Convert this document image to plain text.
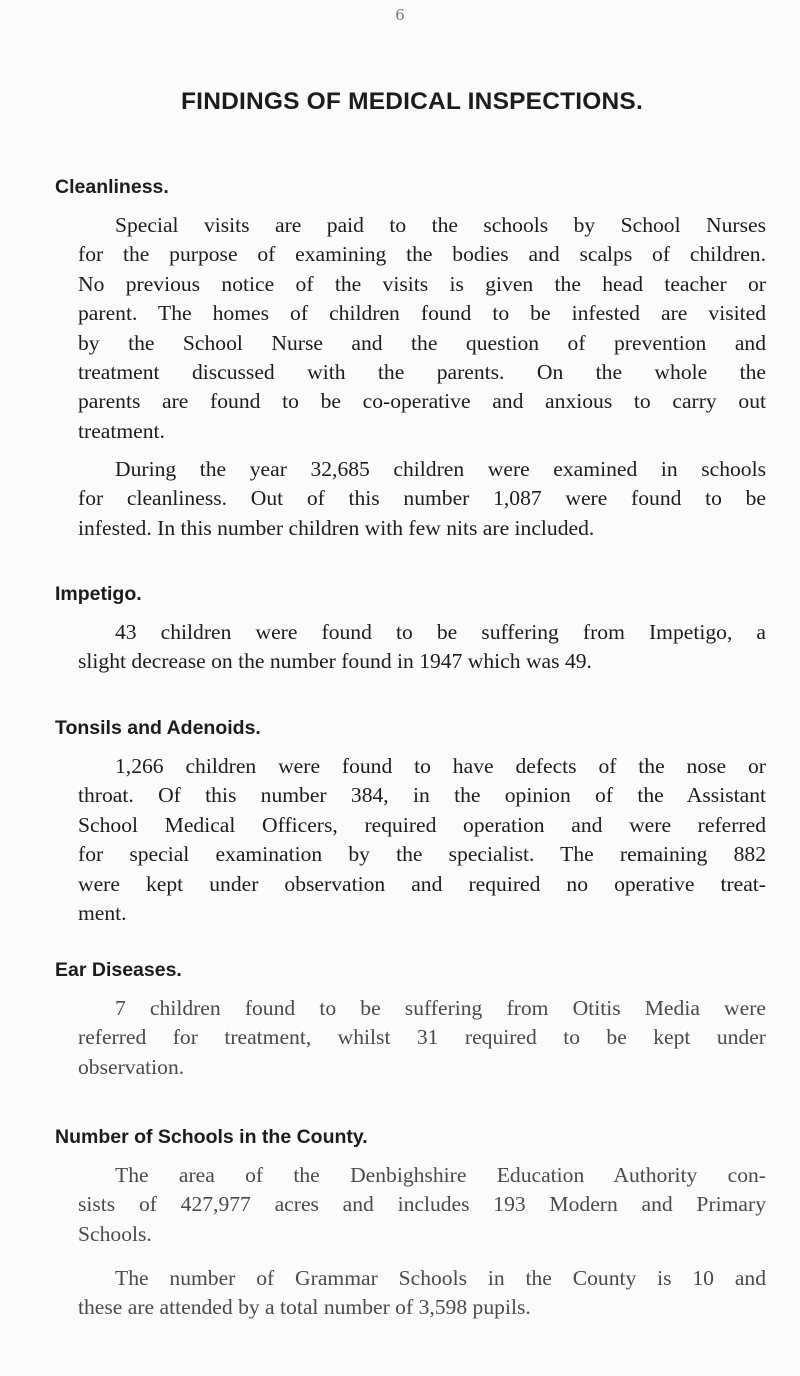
6
FINDINGS OF MEDICAL INSPECTIONS.
Cleanliness.

Special visits are paid to the schools by School Nurses
for the purpose of examining the bodies and scalps of children.
No previous notice of the visits is given the head teacher or
parent. The homes of children found to be infested are visited
by the School Nurse and the question of prevention and
treatment discussed with the parents. On the whole the
parents are found to be co-operative and anxious to carry out
treatment.

During the year 32,685 children were examined in schools
for cleanliness. Out of this number 1,087 were found to be
infested. In this number children with few nits are included.

Impetigo.

43 children were found to be suffering from Impetigo, a
slight decrease on the number found in 1947 which was 49.

Tonsils and Adenoids.

1,266 children were found to have defects of the nose or
throat. Of this number 384, in the opinion of the Assistant
School Medical Officers, required operation and were referred
for special examination by the specialist. The remaining 882
were kept under observation and required no operative treat-
ment.

Ear Diseases.

7 children found to be suffering from Otitis Media were
referred for treatment, whilst 31 required to be kept under
observation.

Number of Schools in the County.

The area of the Denbighshire Education Authority con-
sists of 427,977 acres and includes 193 Modern and Primary
Schools.

The number of Grammar Schools in the County is 10 and
these are attended by a total number of 3,598 pupils.
